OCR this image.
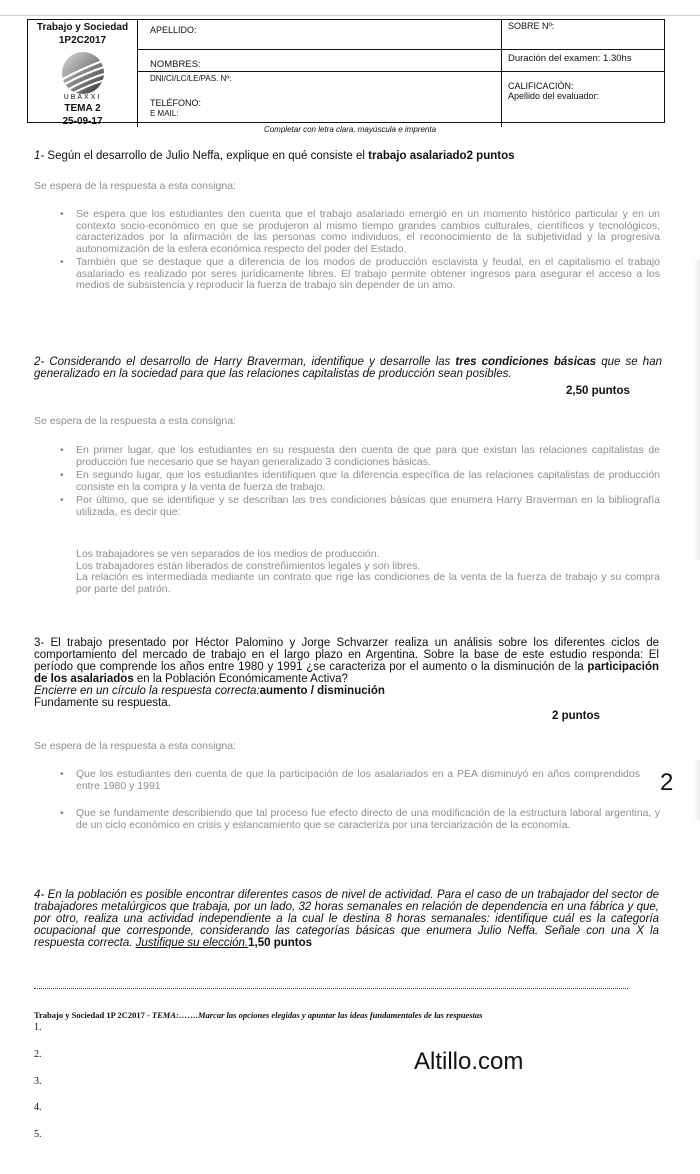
Trabajo y Sociedad
1P2C2017
UBAXXI
TEMA 2
25-09-17
APELLIDO:
NOMBRES:
DNI/CI/LC/LE/PAS. Nº:
TELÉFONO:
E MAIL:
SOBRE Nº:
Duración del examen: 1.30hs
CALIFICACIÓN:
Apellido del evaluador:
Completar con letra clara, mayúscula e imprenta
1- Según el desarrollo de Julio Neffa, explique en qué consiste el trabajo asalariado2 puntos
Se espera de la respuesta a esta consigna:
• Se espera que los estudiantes den cuenta que el trabajo asalariado emergió en un momento histórico particular y en un contexto socio-económico en que se produjeron al mismo tiempo grandes cambios culturales, científicos y tecnológicos, caracterizados por la afirmación de las personas como individuos, el reconocimiento de la subjetividad y la progresiva autonomización de la esfera económica respecto del poder del Estado.
• También que se destaque que a diferencia de los modos de producción esclavista y feudal, en el capitalismo el trabajo asalariado es realizado por seres jurídicamente libres. El trabajo permite obtener ingresos para asegurar el acceso a los medios de subsistencia y reproducir la fuerza de trabajo sin depender de un amo.
2- Considerando el desarrollo de Harry Braverman, identifique y desarrolle las tres condiciones básicas que se han generalizado en la sociedad para que las relaciones capitalistas de producción sean posibles.
2,50 puntos
Se espera de la respuesta a esta consigna:
• En primer lugar, que los estudiantes en su respuesta den cuenta de que para que existan las relaciones capitalistas de producción fue necesario que se hayan generalizado 3 condiciones básicas.
• En segundo lugar, que los estudiantes identifiquen que la diferencia específica de las relaciones capitalistas de producción consiste en la compra y la venta de fuerza de trabajo.
• Por último, que se identifique y se describan las tres condiciones básicas que enumera Harry Braverman en la bibliografía utilizada, es decir que:
Los trabajadores se ven separados de los medios de producción.
Los trabajadores están liberados de constreñimientos legales y son libres.
La relación es intermediada mediante un contrato que rige las condiciones de la venta de la fuerza de trabajo y su compra por parte del patrón.
3- El trabajo presentado por Héctor Palomino y Jorge Schvarzer realiza un análisis sobre los diferentes ciclos de comportamiento del mercado de trabajo en el largo plazo en Argentina. Sobre la base de este estudio responda: El período que comprende los años entre 1980 y 1991 ¿se caracteriza por el aumento o la disminución de la participación de los asalariados en la Población Económicamente Activa?
Encierre en un círculo la respuesta correcta:aumento / disminución
Fundamente su respuesta.
2 puntos
Se espera de la respuesta a esta consigna:
• Que los estudiantes den cuenta de que la participación de los asalariados en a PEA disminuyó en años comprendidos entre 1980 y 1991
• Que se fundamente describiendo que tal proceso fue efecto directo de una modificación de la estructura laboral argentina, y de un ciclo económico en crisis y estancamiento que se caracteriza por una terciarización de la economía.
2
4- En la población es posible encontrar diferentes casos de nivel de actividad. Para el caso de un trabajador del sector de trabajadores metalúrgicos que trabaja, por un lado, 32 horas semanales en relación de dependencia en una fábrica y que, por otro, realiza una actividad independiente a la cual le destina 8 horas semanales: identifique cuál es la categoría ocupacional que corresponde, considerando las categorías básicas que enumera Julio Neffa. Señale con una X la respuesta correcta. Justifique su elección.1,50 puntos
Trabajo y Sociedad 1P 2C2017 - TEMA:…….Marcar las opciones elegidas y apuntar las ideas fundamentales de las respuestas
1.
2.
3.
4.
5.
Altillo.com
